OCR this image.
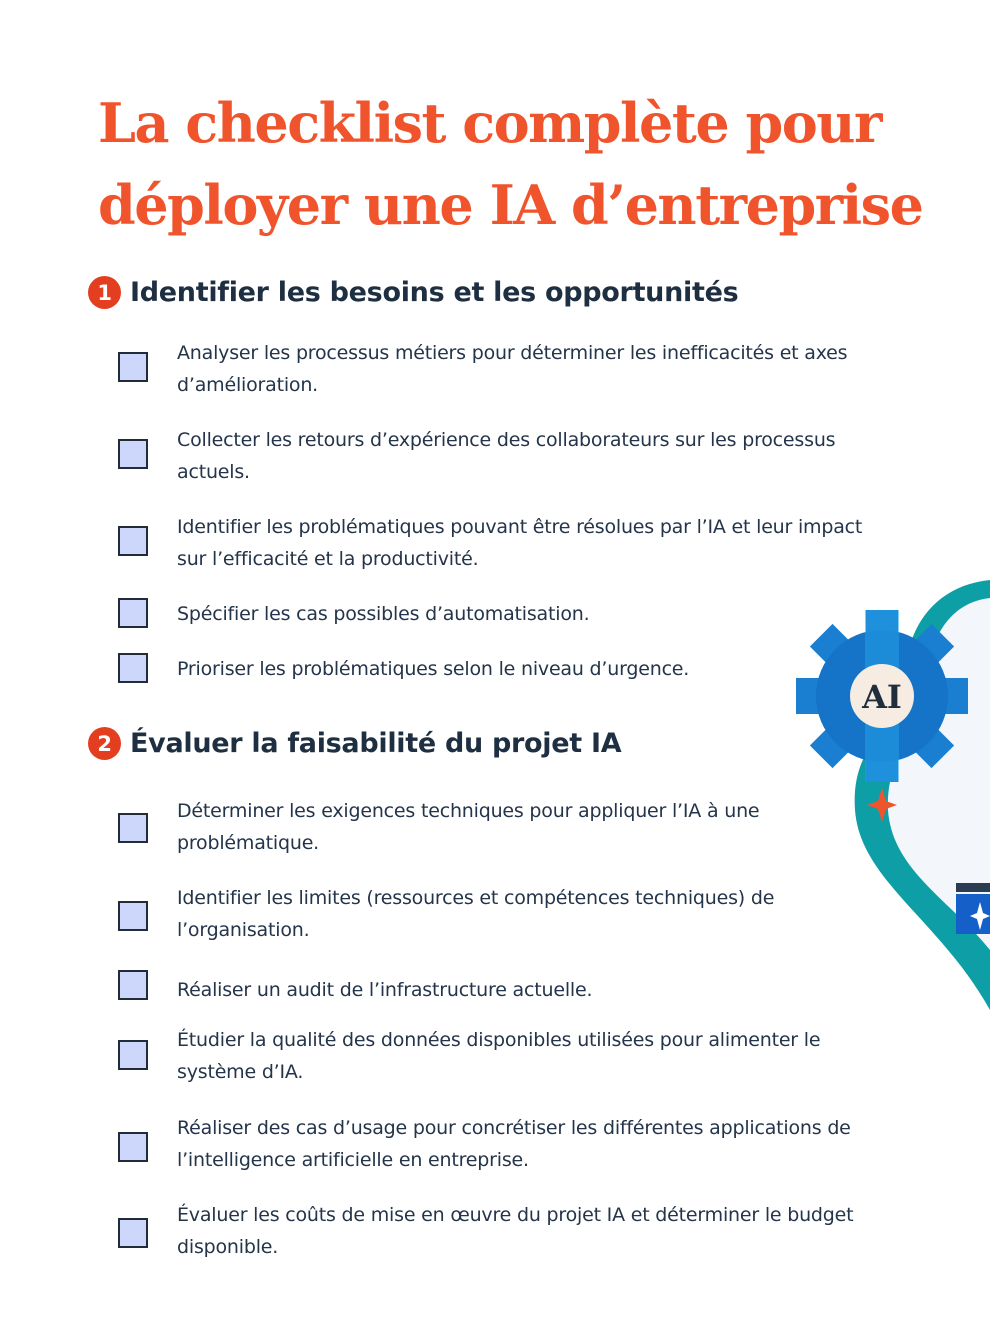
La checklist complète pour
déployer une IA d’entreprise
1 Identifier les besoins et les opportunités
Analyser les processus métiers pour déterminer les inefficacités et axes d’amélioration.
Collecter les retours d’expérience des collaborateurs sur les processus actuels.
Identifier les problématiques pouvant être résolues par l’IA et leur impact sur l’efficacité et la productivité.
Spécifier les cas possibles d’automatisation.
Prioriser les problématiques selon le niveau d’urgence.
2 Évaluer la faisabilité du projet IA
Déterminer les exigences techniques pour appliquer l’IA à une problématique.
Identifier les limites (ressources et compétences techniques) de l’organisation.
Réaliser un audit de l’infrastructure actuelle.
Étudier la qualité des données disponibles utilisées pour alimenter le système d’IA.
Réaliser des cas d’usage pour concrétiser les différentes applications de l’intelligence artificielle en entreprise.
Évaluer les coûts de mise en œuvre du projet IA et déterminer le budget disponible.
AI
